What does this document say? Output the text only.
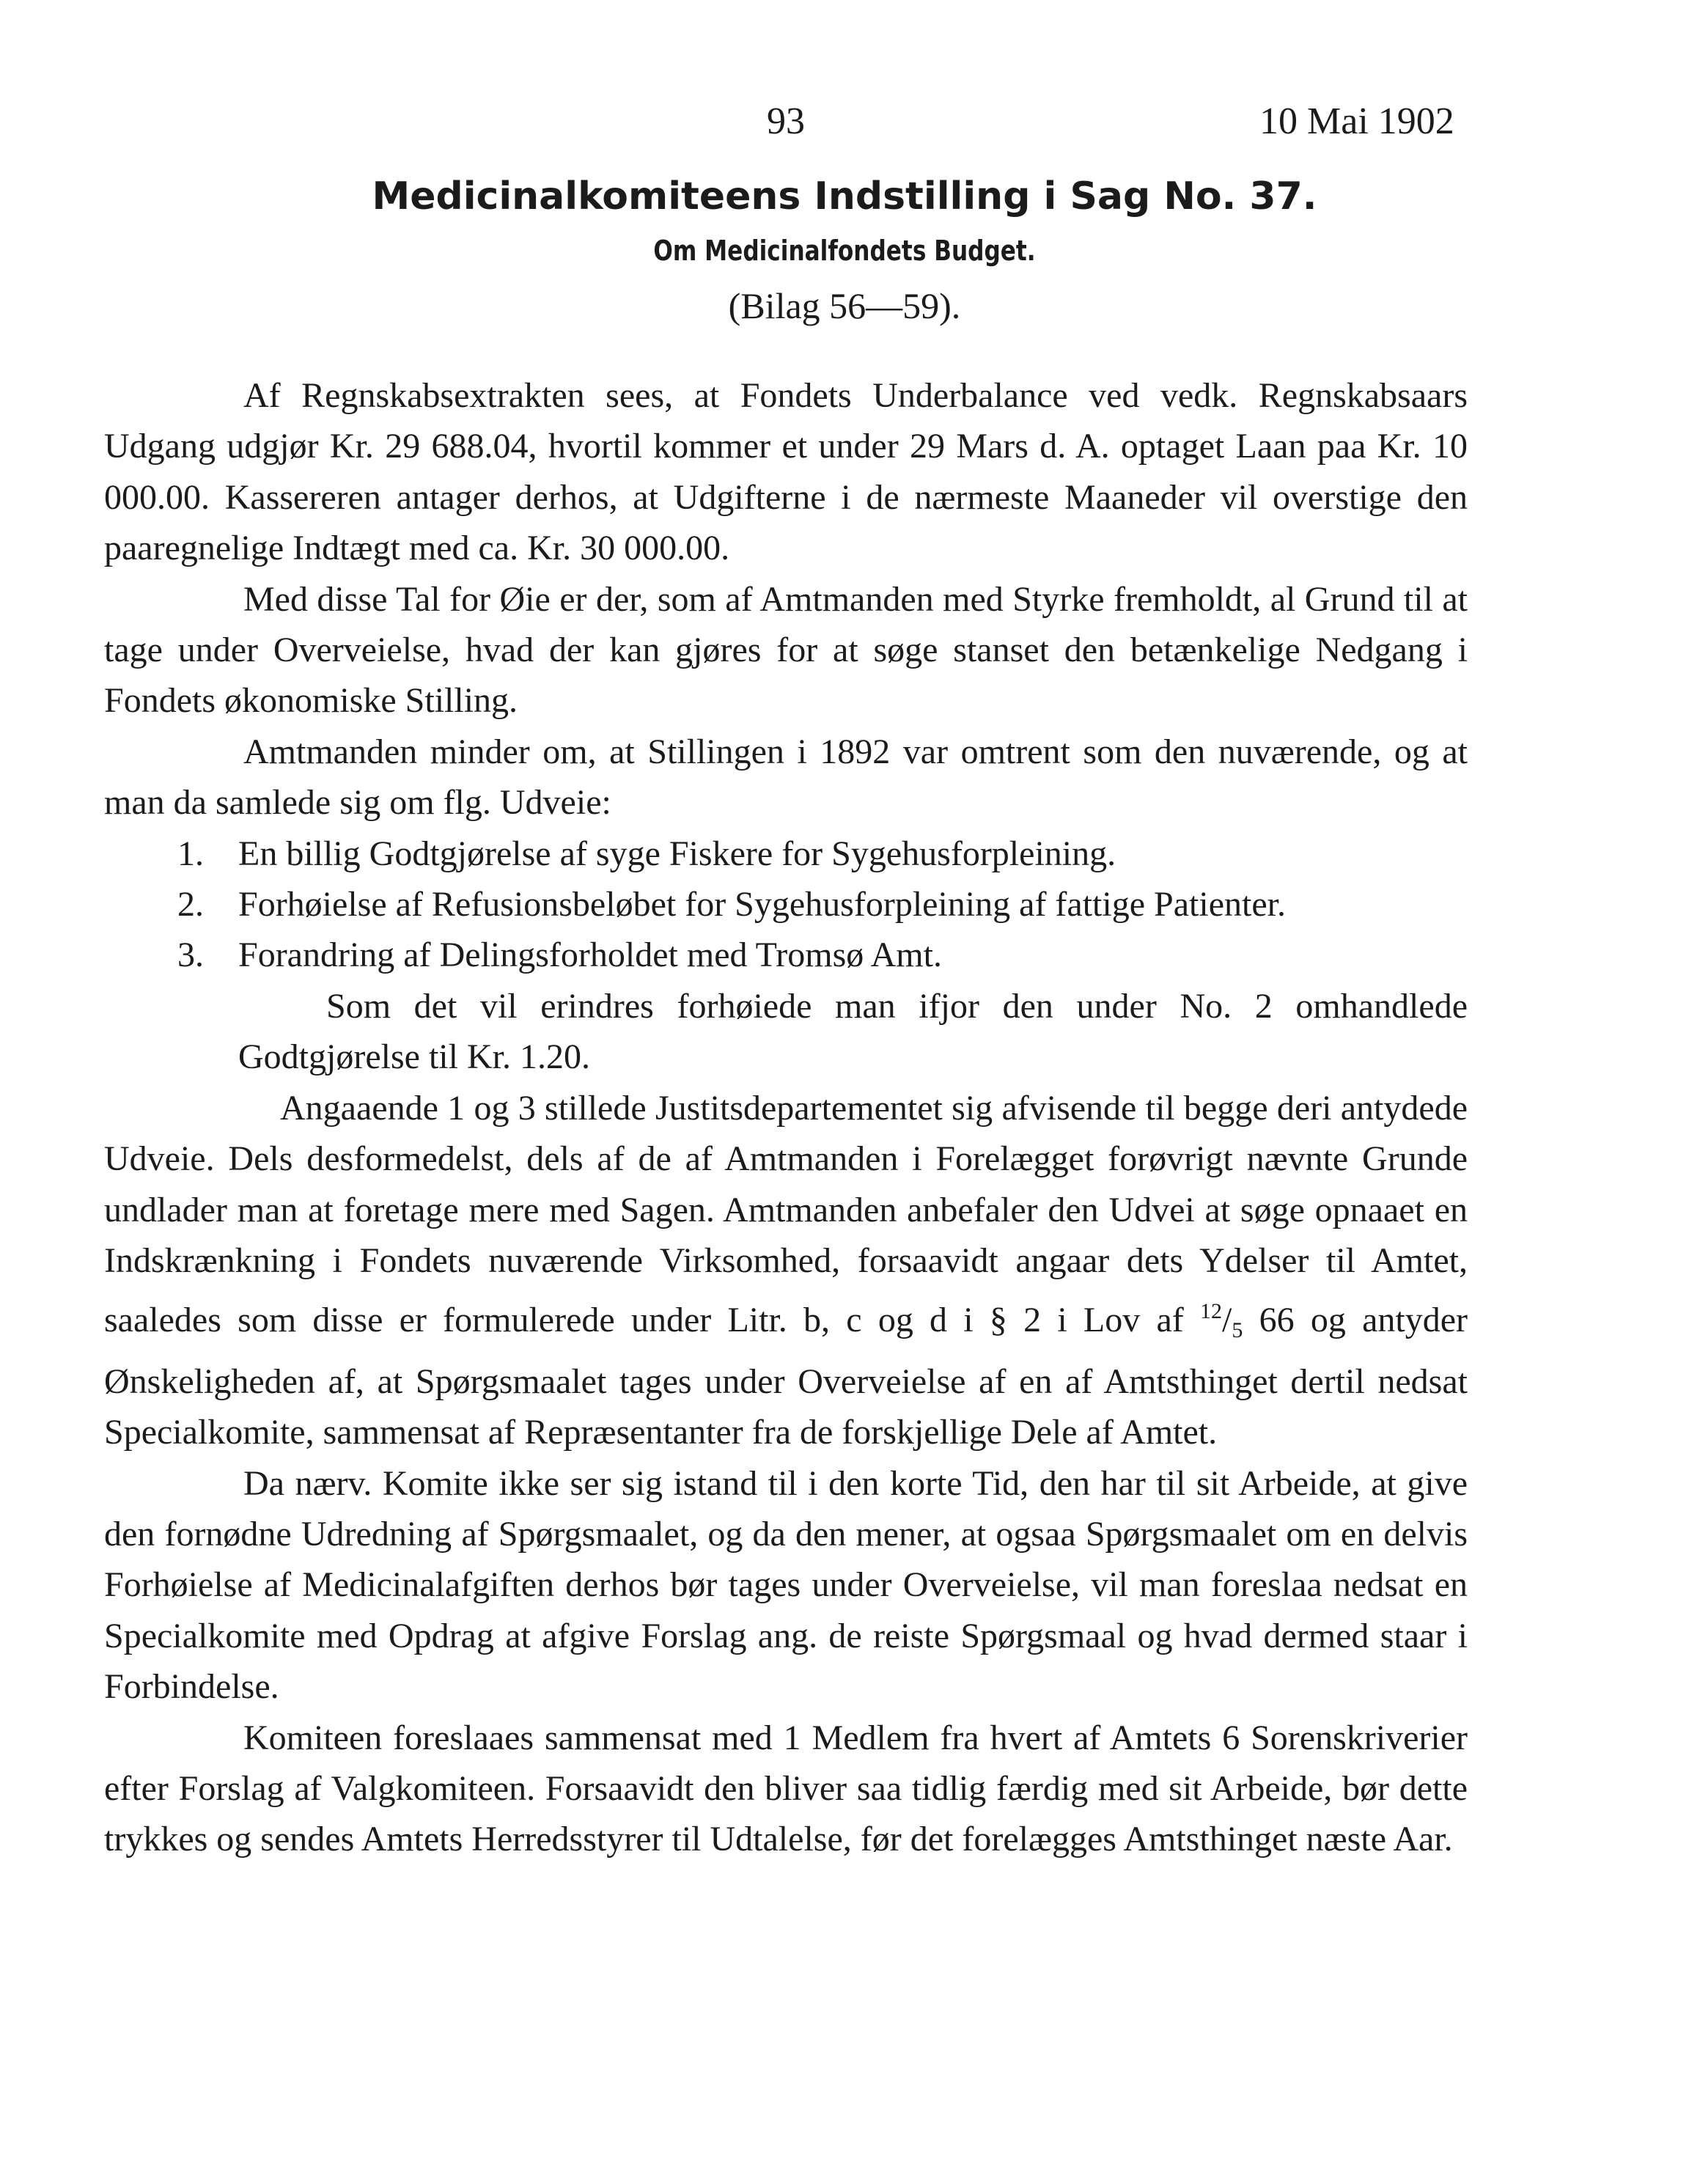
93	10 Mai 1902
Medicinalkomiteens Indstilling i Sag No. 37.
Om Medicinalfondets Budget.
(Bilag 56—59).

Af Regnskabsextrakten sees, at Fondets Underbalance ved vedk. Regnskabsaars Udgang udgjør Kr. 29 688.04, hvortil kommer et under 29 Mars d. A. optaget Laan paa Kr. 10 000.00. Kassereren antager derhos, at Udgifterne i de nærmeste Maaneder vil overstige den paaregnelige Indtægt med ca. Kr. 30 000.00.

Med disse Tal for Øie er der, som af Amtmanden med Styrke fremholdt, al Grund til at tage under Overveielse, hvad der kan gjøres for at søge stanset den betænkelige Nedgang i Fondets økonomiske Stilling.

Amtmanden minder om, at Stillingen i 1892 var omtrent som den nuværende, og at man da samlede sig om flg. Udveie:

1. En billig Godtgjørelse af syge Fiskere for Sygehusforpleining.

2. Forhøielse af Refusionsbeløbet for Sygehusforpleining af fattige Patienter.

3. Forandring af Delingsforholdet med Tromsø Amt.

Som det vil erindres forhøiede man ifjor den under No. 2 omhandlede Godtgjørelse til Kr. 1.20.

Angaaende 1 og 3 stillede Justitsdepartementet sig afvisende til begge deri antydede Udveie. Dels desformedelst, dels af de af Amtmanden i Forelægget forøvrigt nævnte Grunde undlader man at foretage mere med Sagen. Amtmanden anbefaler den Udvei at søge opnaaet en Indskrænkning i Fondets nuværende Virksomhed, forsaavidt angaar dets Ydelser til Amtet, saaledes som disse er formulerede under Litr. b, c og d i § 2 i Lov af $^{12}$/5 66 og antyder Ønskeligheden af, at Spørgsmaalet tages under Overveielse af en af Amtsthinget dertil nedsat Specialkomite, sammensat af Repræsentanter fra de forskjellige Dele af Amtet.

Da nærv. Komite ikke ser sig istand til i den korte Tid, den har til sit Arbeide, at give den fornødne Udredning af Spørgsmaalet, og da den mener, at ogsaa Spørgsmaalet om en delvis Forhøielse af Medicinalafgiften derhos bør tages under Overveielse, vil man foreslaa nedsat en Specialkomite med Opdrag at afgive Forslag ang. de reiste Spørgsmaal og hvad dermed staar i Forbindelse.

Komiteen foreslaaes sammensat med 1 Medlem fra hvert af Amtets 6 Sorenskriverier efter Forslag af Valgkomiteen. Forsaavidt den bliver saa tidlig færdig med sit Arbeide, bør dette trykkes og sendes Amtets Herredsstyrer til Udtalelse, før det forelægges Amtsthinget næste Aar.
